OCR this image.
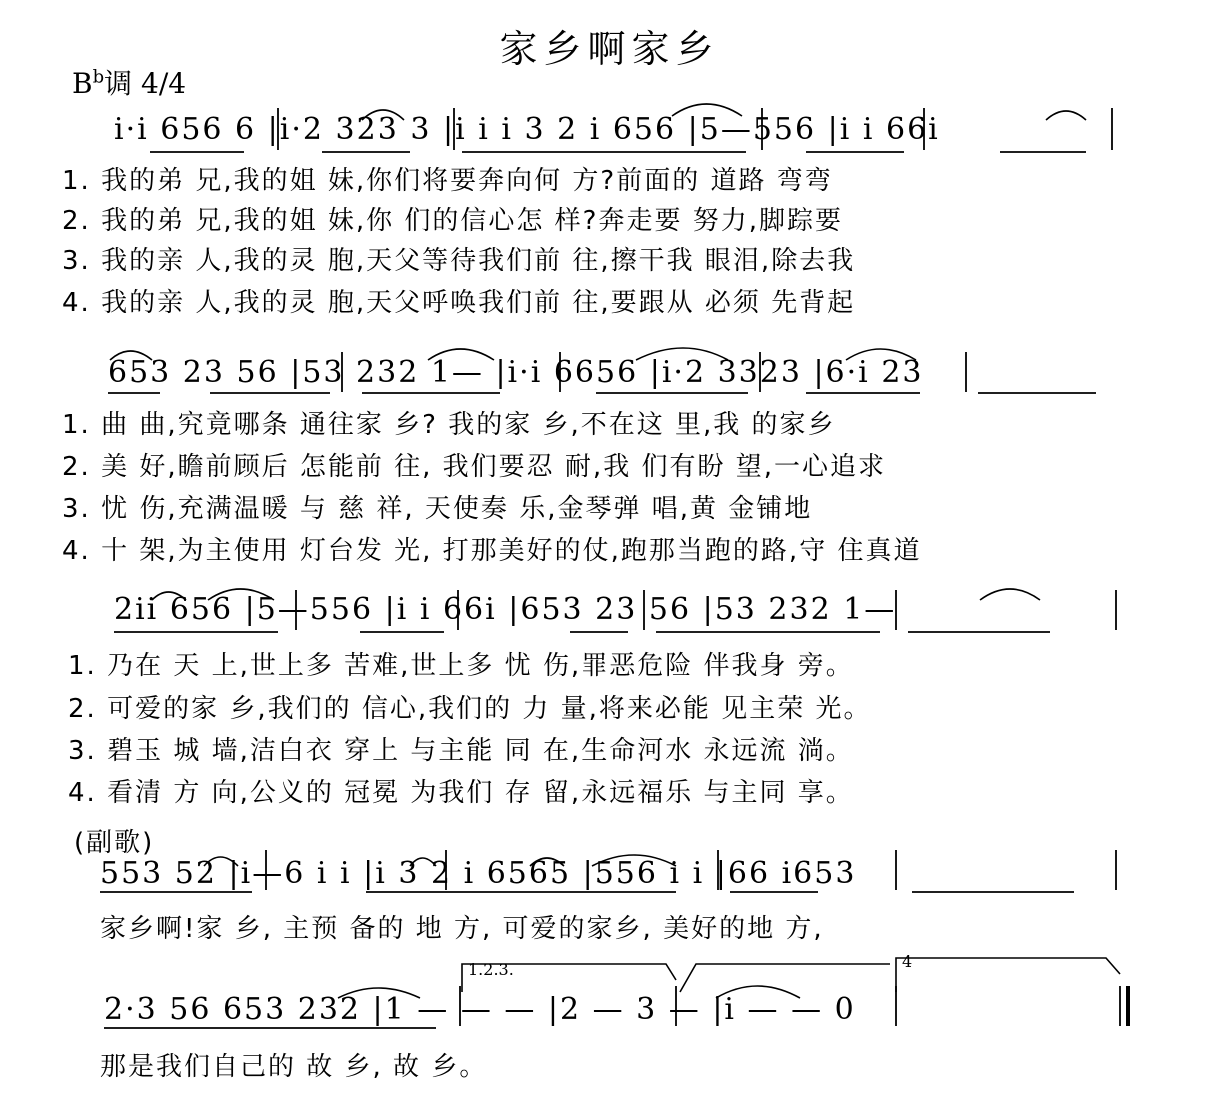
家乡啊家乡
$B^b$调 4/4
i·i 656 6 |i·2 323 3 |i i i 3 2 i 656 |5—556 |i i 66i
1. 我的弟 兄,我的姐 妹,你们将要奔向何 方?前面的 道路 弯弯
2. 我的弟 兄,我的姐 妹,你 们的信心怎 样?奔走要 努力,脚踪要
3. 我的亲 人,我的灵 胞,天父等待我们前 往,擦干我 眼泪,除去我
4. 我的亲 人,我的灵 胞,天父呼唤我们前 往,要跟从 必须 先背起
653 23 56 |53 232 1— |i·i 6656 |i·2 3323 |6·i 23
1. 曲 曲,究竟哪条 通往家 乡? 我的家 乡,不在这 里,我 的家乡
2. 美 好,瞻前顾后 怎能前 往, 我们要忍 耐,我 们有盼 望,一心追求
3. 忧 伤,充满温暖 与 慈 祥, 天使奏 乐,金琴弹 唱,黄 金铺地
4. 十 架,为主使用 灯台发 光, 打那美好的仗,跑那当跑的路,守 住真道
2ii 656 |5—556 |i i 66i |653 23 56 |53 232 1—
1. 乃在 天 上,世上多 苦难,世上多 忧 伤,罪恶危险 伴我身 旁。
2. 可爱的家 乡,我们的 信心,我们的 力 量,将来必能 见主荣 光。
3. 碧玉 城 墙,洁白衣 穿上 与主能 同 在,生命河水 永远流 淌。
4. 看清 方 向,公义的 冠冕 为我们 存 留,永远福乐 与主同 享。
(副歌)
553 52 |i—6 i i |i 3 2 i 6565 |556 i i |66 i653
家乡啊!家 乡, 主预 备的 地 方, 可爱的家乡, 美好的地 方,
1.2.3.	4
2·3 56 653 232 |1 — — — |2 — 3 — |i — — 0
那是我们自己的 故 乡, 故 乡。
